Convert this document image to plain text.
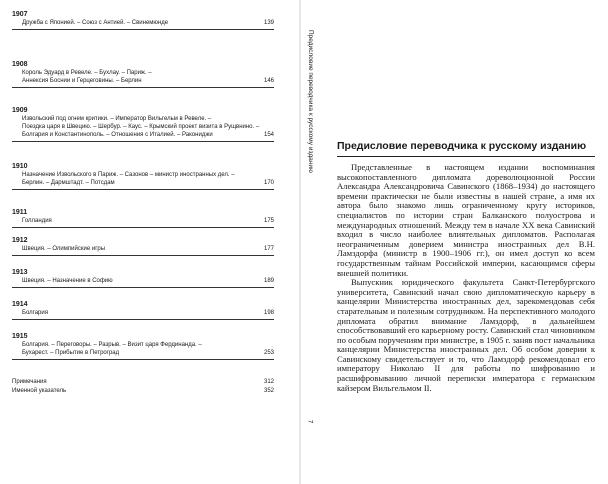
1907
Дружба с Японией. – Союз с Антией. – Свинемюнде	139
1908
Король Эдуард в Ревеле. – Бухлау. – Париж. –
Аннексия Боснии и Герцеговины. – Берлин	146
1909
Извольский под огнем критики. – Император Вильгельм в Ревеле. –
Поездка царя в Швецию. – Шербур. – Каус. – Крымский проект визита в Рущвнино. –
Болгария и Константинополь. – Отношения с Италией. – Ракониджи	154
1910
Назначение Извольского в Париж. – Сазонов – министр иностранных дел. –
Берлин. – Дармштадт. – Потсдам	170
1911
Голландия	175
1912
Швеция. – Олимпийские игры	177
1913
Швеция. – Назначение в Софию	189
1914
Болгария	198
1915
Болгария. – Переговоры. – Разрыв. – Визит царя Фердинанда. –
Бухарест. – Прибытие в Петроград	253
Примечания	312
Именной указатель	352
Предисловие переводчика к русскому изданию
7
Предисловие переводчика к русскому изданию

Представленные в настоящем издании воспоминания высокопоставленного дипломата дореволюционной России Александра Александровича Савинского (1868–1934) до настоящего времени практически не были известны в нашей стране, а имя их автора было знакомо лишь ограниченному кругу историков, специалистов по истории стран Балканского полуострова и международных отношений. Между тем в начале XX века Савинский входил в число наиболее влиятельных дипломатов. Располагая неограниченным доверием министра иностранных дел В.Н. Ламздорфа (министр в 1900–1906 гг.), он имел доступ ко всем государственным тайнам Российской империи, касающимся сферы внешней политики.

Выпускник юридического факультета Санкт-Петербургского университета, Савинский начал свою дипломатическую карьеру в канцелярии Министерства иностранных дел, зарекомендовав себя старательным и полезным сотрудником. На перспективного молодого дипломата обратил внимание Ламздорф, в дальнейшем способствовавший его карьерному росту. Савинский стал чиновником по особым поручениям при министре, в 1905 г. заняв пост начальника канцелярии Министерства иностранных дел. Об особом доверии к Савинскому свидетельствует и то, что Ламздорф рекомендовал его императору Николаю II для работы по шифрованию и расшифровыванию личной переписки императора с германским кайзером Вильгельмом II.
